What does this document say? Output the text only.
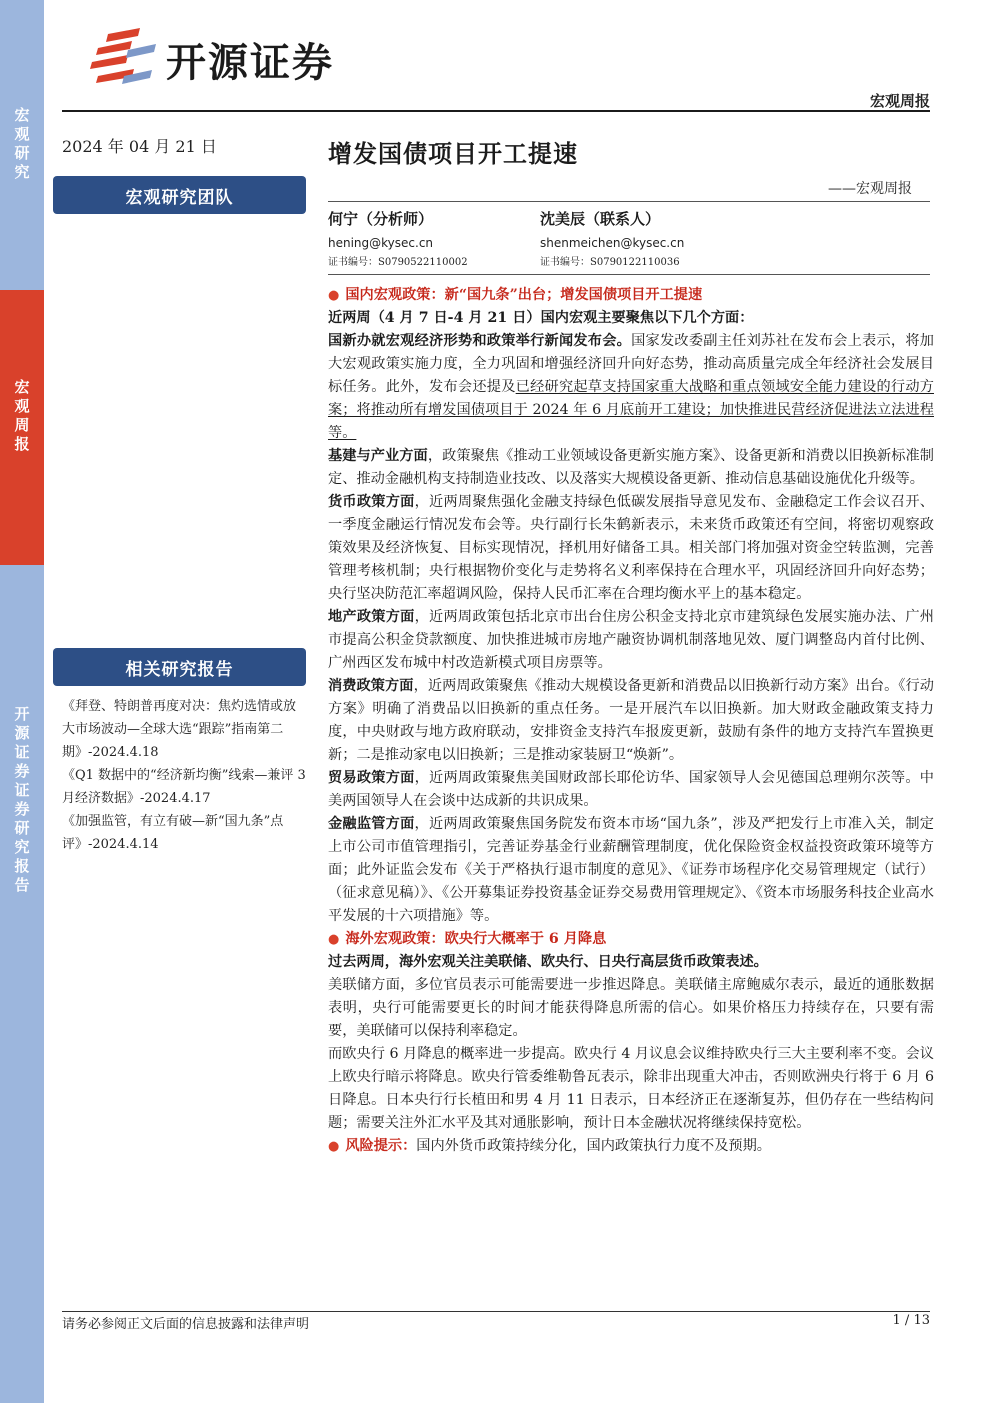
宏观研究
宏观周报
开源证券 证券研究报告
开源证券
宏观周报
2024 年 04 月 21 日
宏观研究团队
相关研究报告
《拜登、特朗普再度对决：焦灼选情或放大市场波动—全球大选“跟踪”指南第二期》-2024.4.18
《Q1 数据中的“经济新均衡”线索—兼评 3 月经济数据》-2024.4.17
《加强监管，有立有破—新“国九条”点评》-2024.4.14
增发国债项目开工提速
——宏观周报
何宁（分析师）
hening@kysec.cn
证书编号：S0790522110002
沈美辰（联系人）
shenmeichen@kysec.cn
证书编号：S0790122110036

● 国内宏观政策：新“国九条”出台；增发国债项目开工提速

近两周（4 月 7 日-4 月 21 日）国内宏观主要聚焦以下几个方面：

国新办就宏观经济形势和政策举行新闻发布会。国家发改委副主任刘苏社在发布会上表示，将加大宏观政策实施力度，全力巩固和增强经济回升向好态势，推动高质量完成全年经济社会发展目标任务。此外，发布会还提及已经研究起草支持国家重大战略和重点领域安全能力建设的行动方案；将推动所有增发国债项目于 2024 年 6 月底前开工建设；加快推进民营经济促进法立法进程等。

基建与产业方面，政策聚焦《推动工业领域设备更新实施方案》、设备更新和消费以旧换新标准制定、推动金融机构支持制造业技改、以及落实大规模设备更新、推动信息基础设施优化升级等。

货币政策方面，近两周聚焦强化金融支持绿色低碳发展指导意见发布、金融稳定工作会议召开、一季度金融运行情况发布会等。央行副行长朱鹤新表示，未来货币政策还有空间，将密切观察政策效果及经济恢复、目标实现情况，择机用好储备工具。相关部门将加强对资金空转监测，完善管理考核机制；央行根据物价变化与走势将名义利率保持在合理水平，巩固经济回升向好态势；央行坚决防范汇率超调风险，保持人民币汇率在合理均衡水平上的基本稳定。

地产政策方面，近两周政策包括北京市出台住房公积金支持北京市建筑绿色发展实施办法、广州市提高公积金贷款额度、加快推进城市房地产融资协调机制落地见效、厦门调整岛内首付比例、广州西区发布城中村改造新模式项目房票等。

消费政策方面，近两周政策聚焦《推动大规模设备更新和消费品以旧换新行动方案》出台。《行动方案》明确了消费品以旧换新的重点任务。一是开展汽车以旧换新。加大财政金融政策支持力度，中央财政与地方政府联动，安排资金支持汽车报废更新，鼓励有条件的地方支持汽车置换更新；二是推动家电以旧换新；三是推动家装厨卫“焕新”。

贸易政策方面，近两周政策聚焦美国财政部长耶伦访华、国家领导人会见德国总理朔尔茨等。中美两国领导人在会谈中达成新的共识成果。

金融监管方面，近两周政策聚焦国务院发布资本市场“国九条”，涉及严把发行上市准入关，制定上市公司市值管理指引，完善证券基金行业薪酬管理制度，优化保险资金权益投资政策环境等方面；此外证监会发布《关于严格执行退市制度的意见》、《证券市场程序化交易管理规定（试行）（征求意见稿）》、《公开募集证券投资基金证券交易费用管理规定》、《资本市场服务科技企业高水平发展的十六项措施》等。

● 海外宏观政策：欧央行大概率于 6 月降息

过去两周，海外宏观关注美联储、欧央行、日央行高层货币政策表述。

美联储方面，多位官员表示可能需要进一步推迟降息。美联储主席鲍威尔表示，最近的通胀数据表明，央行可能需要更长的时间才能获得降息所需的信心。如果价格压力持续存在，只要有需要，美联储可以保持利率稳定。

而欧央行 6 月降息的概率进一步提高。欧央行 4 月议息会议维持欧央行三大主要利率不变。会议上欧央行暗示将降息。欧央行管委维勒鲁瓦表示，除非出现重大冲击，否则欧洲央行将于 6 月 6 日降息。日本央行行长植田和男 4 月 11 日表示，日本经济正在逐渐复苏，但仍存在一些结构问题；需要关注外汇水平及其对通胀影响，预计日本金融状况将继续保持宽松。

● 风险提示： 国内外货币政策持续分化，国内政策执行力度不及预期。

请务必参阅正文后面的信息披露和法律声明	1 / 13
